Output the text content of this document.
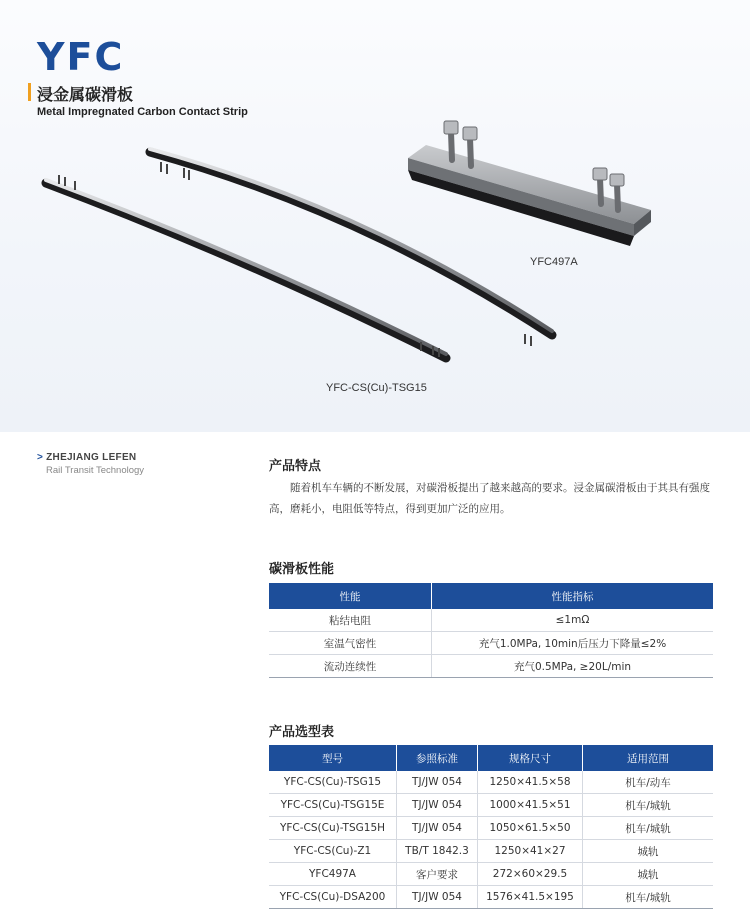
YFC
浸金属碳滑板
Metal Impregnated Carbon Contact Strip
YFC497A
YFC-CS(Cu)-TSG15
> ZHEJIANG LEFEN
Rail Transit Technology	产品特点
随着机车车辆的不断发展，对碳滑板提出了越来越高的要求。浸金属碳滑板由于其具有强度高，磨耗小，电阻低等特点，得到更加广泛的应用。
碳滑板性能
性能	性能指标
粘结电阻	≤1mΩ
室温气密性	充气1.0MPa, 10min后压力下降量≤2%
流动连续性	充气0.5MPa, ≥20L/min
产品选型表
型号	参照标准	规格尺寸	适用范围
YFC-CS(Cu)-TSG15	TJ/JW 054	1250×41.5×58	机车/动车
YFC-CS(Cu)-TSG15E	TJ/JW 054	1000×41.5×51	机车/城轨
YFC-CS(Cu)-TSG15H	TJ/JW 054	1050×61.5×50	机车/城轨
YFC-CS(Cu)-Z1	TB/T 1842.3	1250×41×27	城轨
YFC497A	客户要求	272×60×29.5	城轨
YFC-CS(Cu)-DSA200	TJ/JW 054	1576×41.5×195	机车/城轨
